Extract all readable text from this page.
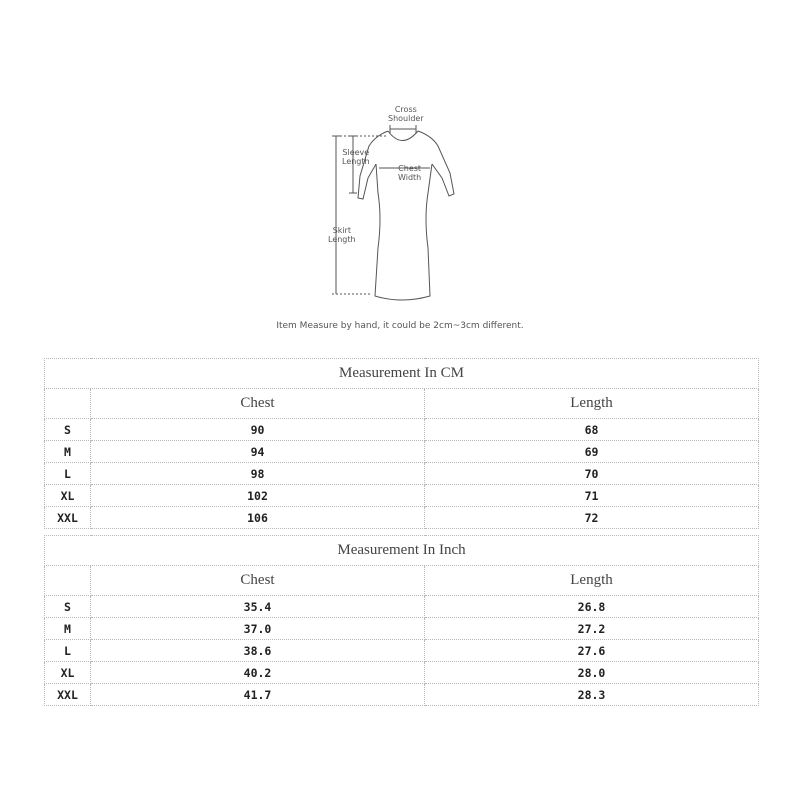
Cross
Shoulder
Sleeve
Length
Chest
Width
Skirt
Length
Item Measure by hand, it could be 2cm~3cm different.
Measurement In CM		
	Chest	Length
S	90	68
M	94	69
L	98	70
XL	102	71
XXL	106	72
Measurement In Inch		
	Chest	Length
S	35.4	26.8
M	37.0	27.2
L	38.6	27.6
XL	40.2	28.0
XXL	41.7	28.3
